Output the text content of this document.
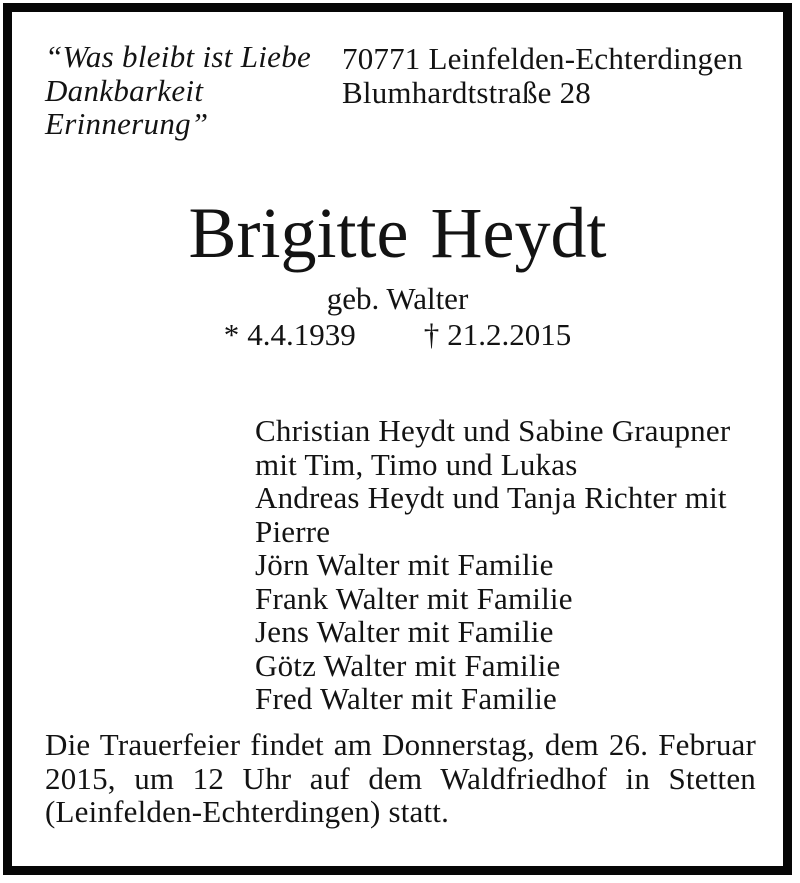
“Was bleibt ist Liebe
Dankbarkeit
Erinnerung”
70771 Leinfelden-Echterdingen
Blumhardtstraße 28
Brigitte Heydt
geb. Walter
* 4.4.1939 † 21.2.2015
Christian Heydt und Sabine Graupner
mit Tim, Timo und Lukas
Andreas Heydt und Tanja Richter mit
Pierre
Jörn Walter mit Familie
Frank Walter mit Familie
Jens Walter mit Familie
Götz Walter mit Familie
Fred Walter mit Familie
Die Trauerfeier findet am Donnerstag, dem 26. Februar
2015, um 12 Uhr auf dem Waldfriedhof in Stetten
(Leinfelden-Echterdingen) statt.
